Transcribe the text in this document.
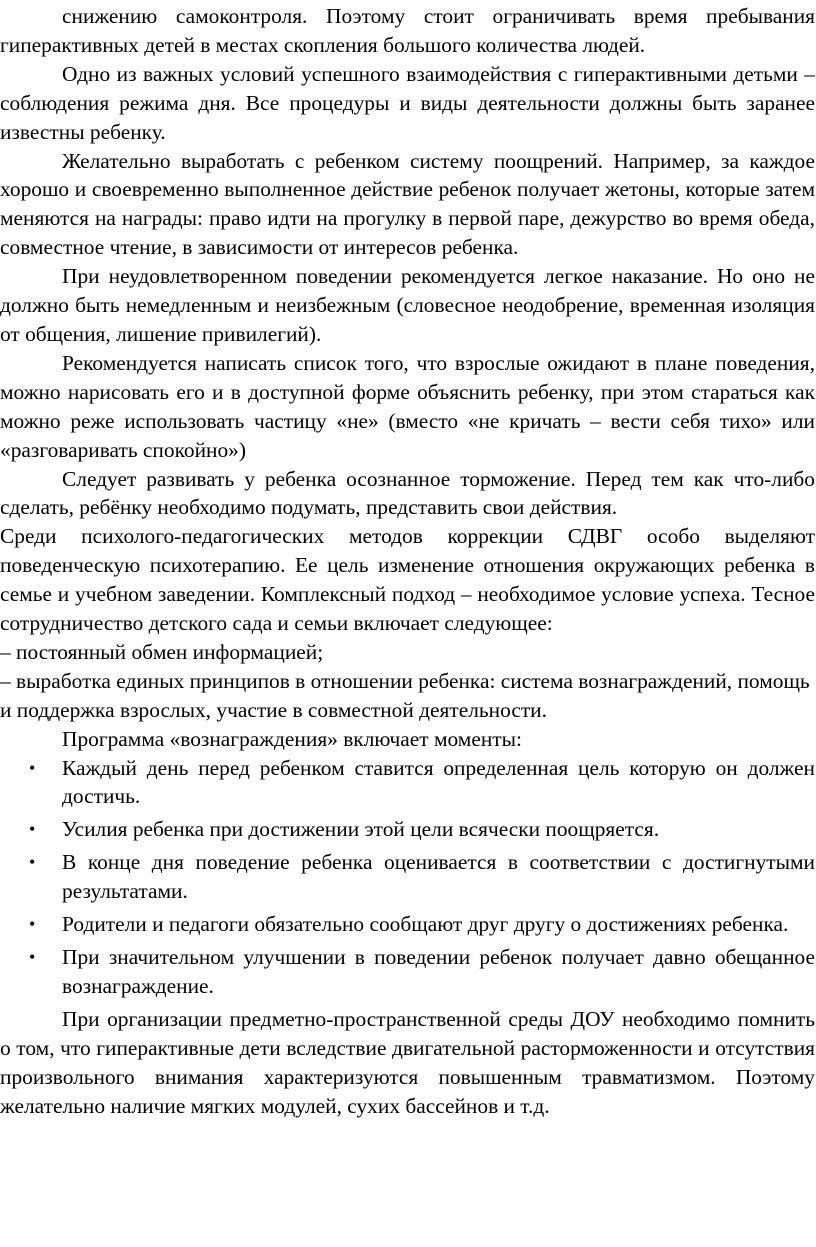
снижению самоконтроля. Поэтому стоит ограничивать время пребывания гиперактивных детей в местах скопления большого количества людей.

Одно из важных условий успешного взаимодействия с гиперактивными детьми – соблюдения режима дня. Все процедуры и виды деятельности должны быть заранее известны ребенку.

Желательно выработать с ребенком систему поощрений. Например, за каждое хорошо и своевременно выполненное действие ребенок получает жетоны, которые затем меняются на награды: право идти на прогулку в первой паре, дежурство во время обеда, совместное чтение, в зависимости от интересов ребенка.

При неудовлетворенном поведении рекомендуется легкое наказание. Но оно не должно быть немедленным и неизбежным (словесное неодобрение, временная изоляция от общения, лишение привилегий).

Рекомендуется написать список того, что взрослые ожидают в плане поведения, можно нарисовать его и в доступной форме объяснить ребенку, при этом стараться как можно реже использовать частицу «не» (вместо «не кричать – вести себя тихо» или «разговаривать спокойно»)

Следует развивать у ребенка осознанное торможение. Перед тем как что-либо сделать, ребёнку необходимо подумать, представить свои действия.

Среди психолого-педагогических методов коррекции СДВГ особо выделяют поведенческую психотерапию. Ее цель изменение отношения окружающих ребенка в семье и учебном заведении. Комплексный подход – необходимое условие успеха. Тесное сотрудничество детского сада и семьи включает следующее:

– постоянный обмен информацией;

– выработка единых принципов в отношении ребенка: система вознаграждений, помощь и поддержка взрослых, участие в совместной деятельности.

Программа «вознаграждения» включает моменты:

• Каждый день перед ребенком ставится определенная цель которую он должен достичь.
• Усилия ребенка при достижении этой цели всячески поощряется.
• В конце дня поведение ребенка оценивается в соответствии с достигнутыми результатами.
• Родители и педагоги обязательно сообщают друг другу о достижениях ребенка.
• При значительном улучшении в поведении ребенок получает давно обещанное вознаграждение.

При организации предметно-пространственной среды ДОУ необходимо помнить о том, что гиперактивные дети вследствие двигательной расторможенности и отсутствия произвольного внимания характеризуются повышенным травматизмом. Поэтому желательно наличие мягких модулей, сухих бассейнов и т.д.
